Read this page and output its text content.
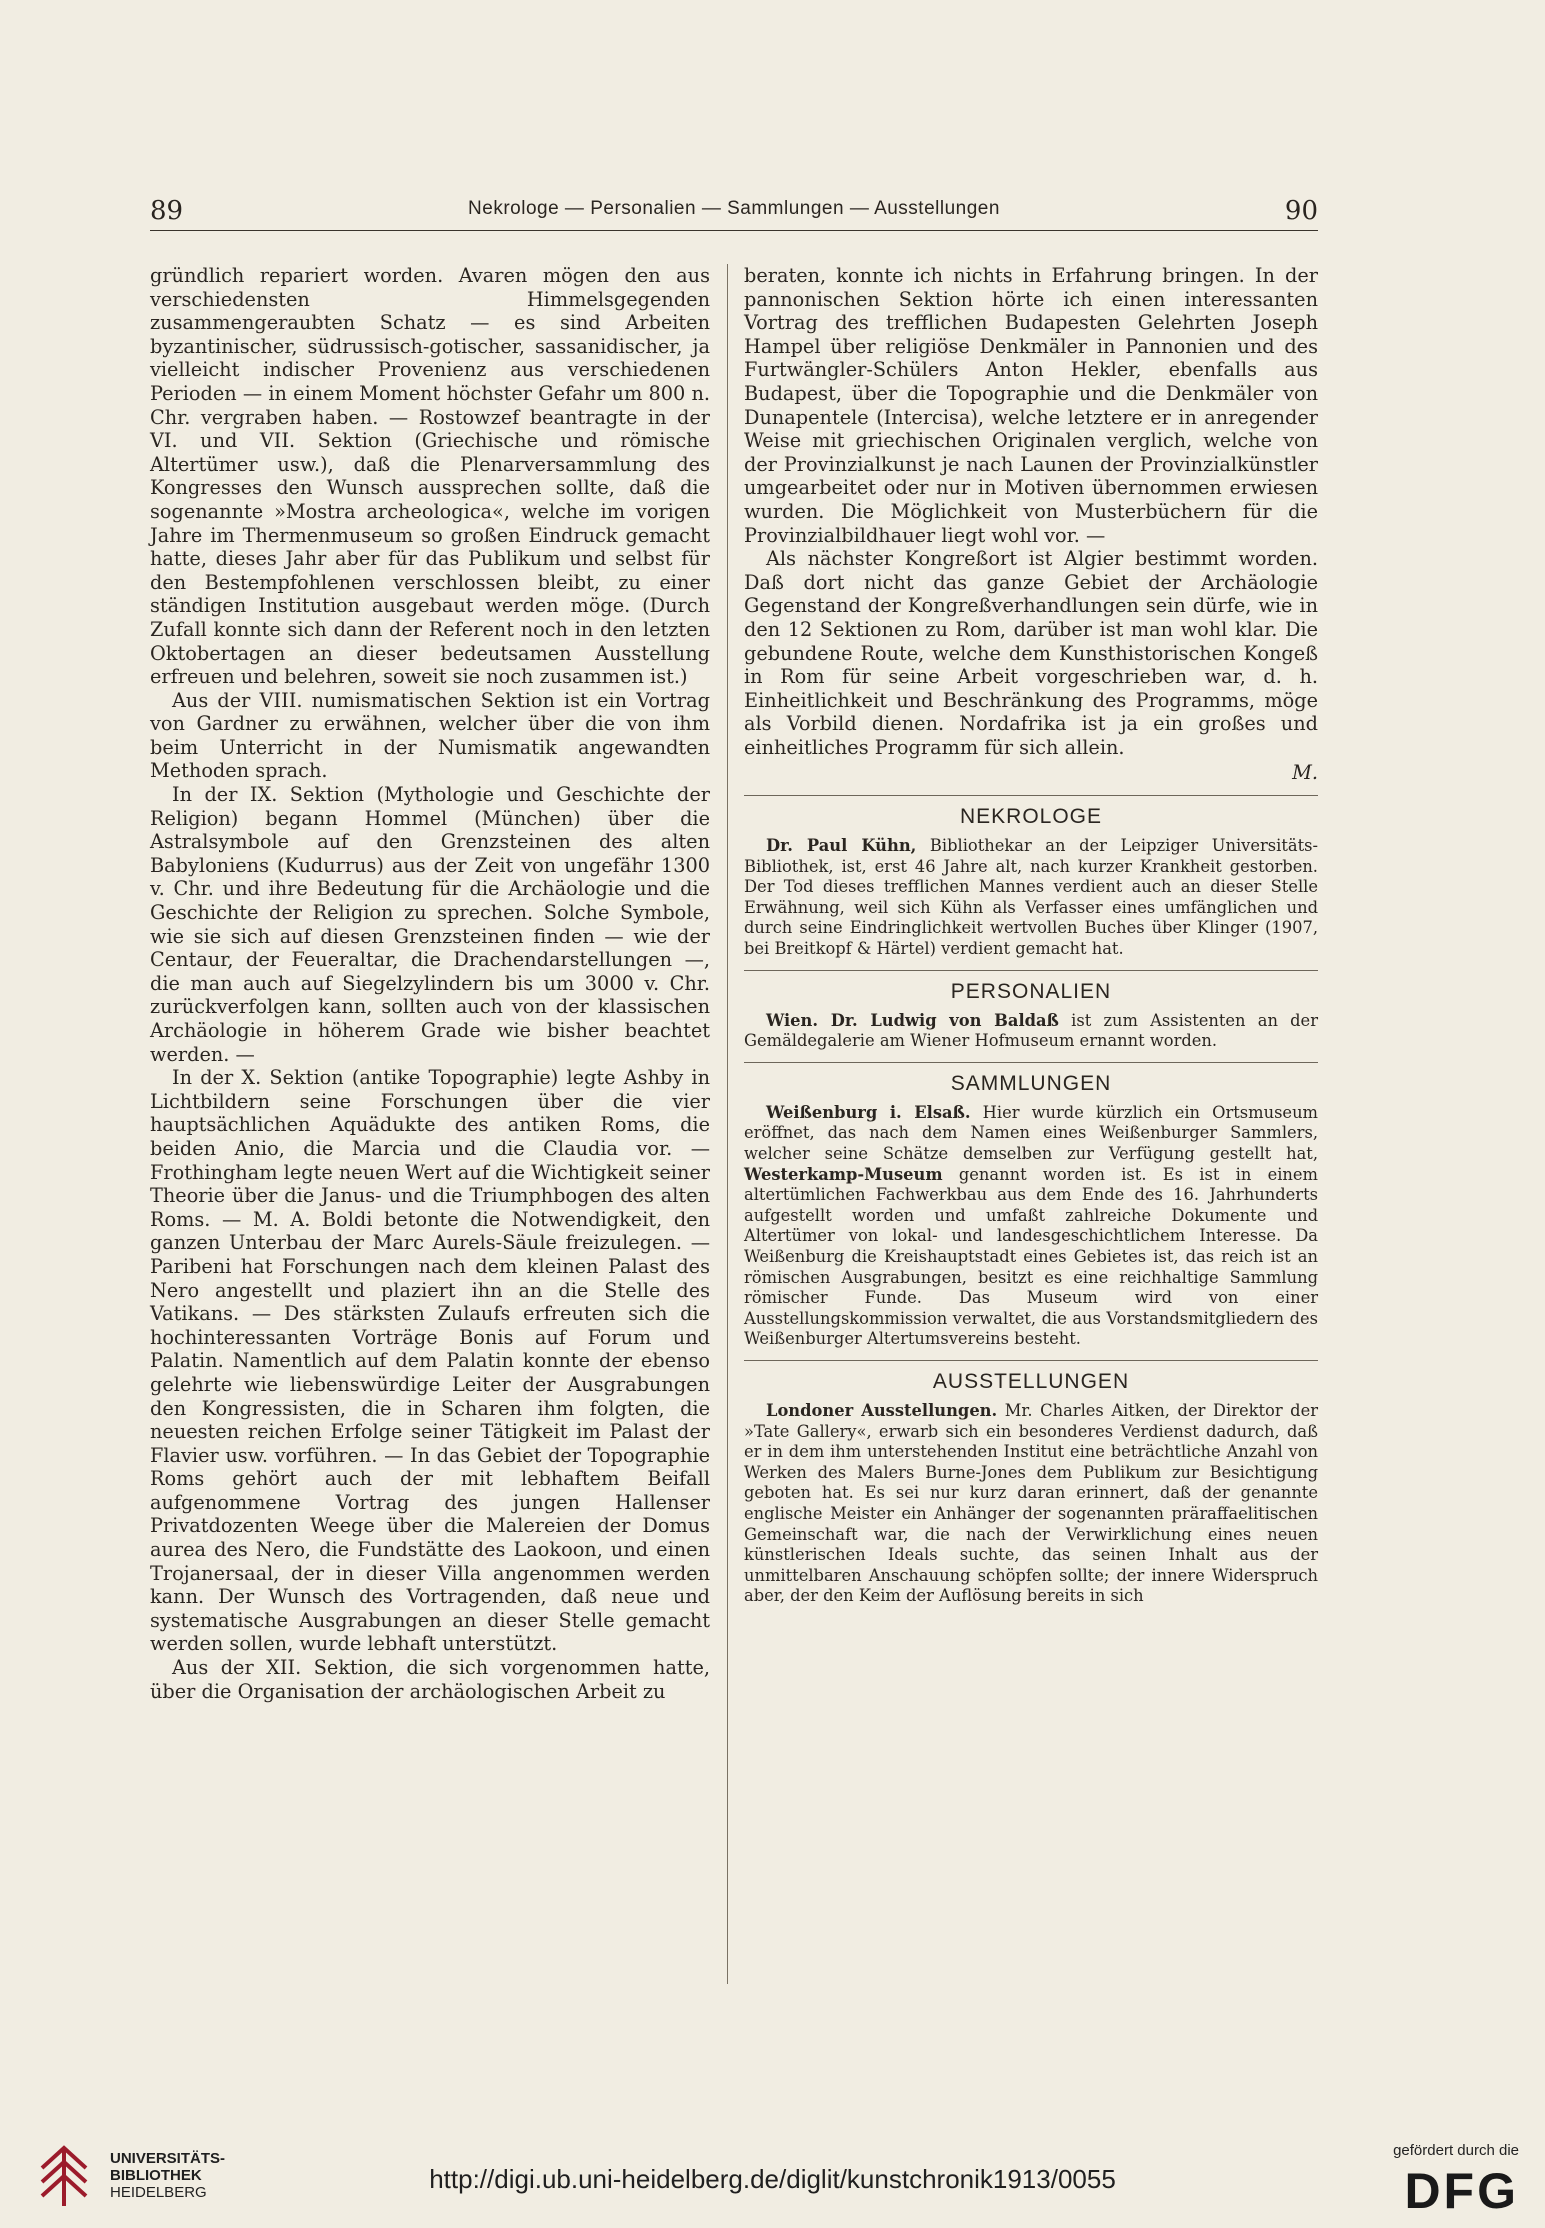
89	Nekrologe — Personalien — Sammlungen — Ausstellungen	90

gründlich repariert worden. Avaren mögen den aus verschiedensten Himmelsgegenden zusammengeraubten Schatz — es sind Arbeiten byzantinischer, südrussisch-gotischer, sassanidischer, ja vielleicht indischer Provenienz aus verschiedenen Perioden — in einem Moment höchster Gefahr um 800 n. Chr. vergraben haben. — Rostowzef beantragte in der VI. und VII. Sektion (Griechische und römische Altertümer usw.), daß die Plenarversammlung des Kongresses den Wunsch aussprechen sollte, daß die sogenannte »Mostra archeologica«, welche im vorigen Jahre im Thermenmuseum so großen Eindruck gemacht hatte, dieses Jahr aber für das Publikum und selbst für den Bestempfohlenen verschlossen bleibt, zu einer ständigen Institution ausgebaut werden möge. (Durch Zufall konnte sich dann der Referent noch in den letzten Oktobertagen an dieser bedeutsamen Ausstellung erfreuen und belehren, soweit sie noch zusammen ist.)

Aus der VIII. numismatischen Sektion ist ein Vortrag von Gardner zu erwähnen, welcher über die von ihm beim Unterricht in der Numismatik angewandten Methoden sprach.

In der IX. Sektion (Mythologie und Geschichte der Religion) begann Hommel (München) über die Astralsymbole auf den Grenzsteinen des alten Babyloniens (Kudurrus) aus der Zeit von ungefähr 1300 v. Chr. und ihre Bedeutung für die Archäologie und die Geschichte der Religion zu sprechen. Solche Symbole, wie sie sich auf diesen Grenzsteinen finden — wie der Centaur, der Feueraltar, die Drachendarstellungen —, die man auch auf Siegelzylindern bis um 3000 v. Chr. zurückverfolgen kann, sollten auch von der klassischen Archäologie in höherem Grade wie bisher beachtet werden. —

In der X. Sektion (antike Topographie) legte Ashby in Lichtbildern seine Forschungen über die vier hauptsächlichen Aquädukte des antiken Roms, die beiden Anio, die Marcia und die Claudia vor. — Frothingham legte neuen Wert auf die Wichtigkeit seiner Theorie über die Janus- und die Triumphbogen des alten Roms. — M. A. Boldi betonte die Notwendigkeit, den ganzen Unterbau der Marc Aurels-Säule freizulegen. — Paribeni hat Forschungen nach dem kleinen Palast des Nero angestellt und plaziert ihn an die Stelle des Vatikans. — Des stärksten Zulaufs erfreuten sich die hochinteressanten Vorträge Bonis auf Forum und Palatin. Namentlich auf dem Palatin konnte der ebenso gelehrte wie liebenswürdige Leiter der Ausgrabungen den Kongressisten, die in Scharen ihm folgten, die neuesten reichen Erfolge seiner Tätigkeit im Palast der Flavier usw. vorführen. — In das Gebiet der Topographie Roms gehört auch der mit lebhaftem Beifall aufgenommene Vortrag des jungen Hallenser Privatdozenten Weege über die Malereien der Domus aurea des Nero, die Fundstätte des Laokoon, und einen Trojanersaal, der in dieser Villa angenommen werden kann. Der Wunsch des Vortragenden, daß neue und systematische Ausgrabungen an dieser Stelle gemacht werden sollen, wurde lebhaft unterstützt.

Aus der XII. Sektion, die sich vorgenommen hatte, über die Organisation der archäologischen Arbeit zu

beraten, konnte ich nichts in Erfahrung bringen. In der pannonischen Sektion hörte ich einen interessanten Vortrag des trefflichen Budapesten Gelehrten Joseph Hampel über religiöse Denkmäler in Pannonien und des Furtwängler-Schülers Anton Hekler, ebenfalls aus Budapest, über die Topographie und die Denkmäler von Dunapentele (Intercisa), welche letztere er in anregender Weise mit griechischen Originalen verglich, welche von der Provinzialkunst je nach Launen der Provinzialkünstler umgearbeitet oder nur in Motiven übernommen erwiesen wurden. Die Möglichkeit von Musterbüchern für die Provinzialbildhauer liegt wohl vor. —

Als nächster Kongreßort ist Algier bestimmt worden. Daß dort nicht das ganze Gebiet der Archäologie Gegenstand der Kongreßverhandlungen sein dürfe, wie in den 12 Sektionen zu Rom, darüber ist man wohl klar. Die gebundene Route, welche dem Kunsthistorischen Kongeß in Rom für seine Arbeit vorgeschrieben war, d. h. Einheitlichkeit und Beschränkung des Programms, möge als Vorbild dienen. Nordafrika ist ja ein großes und einheitliches Programm für sich allein.

M.
NEKROLOGE

Dr. Paul Kühn, Bibliothekar an der Leipziger Universitäts-Bibliothek, ist, erst 46 Jahre alt, nach kurzer Krankheit gestorben. Der Tod dieses trefflichen Mannes verdient auch an dieser Stelle Erwähnung, weil sich Kühn als Verfasser eines umfänglichen und durch seine Eindringlichkeit wertvollen Buches über Klinger (1907, bei Breitkopf & Härtel) verdient gemacht hat.

PERSONALIEN

Wien. Dr. Ludwig von Baldaß ist zum Assistenten an der Gemäldegalerie am Wiener Hofmuseum ernannt worden.

SAMMLUNGEN

Weißenburg i. Elsaß. Hier wurde kürzlich ein Ortsmuseum eröffnet, das nach dem Namen eines Weißenburger Sammlers, welcher seine Schätze demselben zur Verfügung gestellt hat, Westerkamp-Museum genannt worden ist. Es ist in einem altertümlichen Fachwerkbau aus dem Ende des 16. Jahrhunderts aufgestellt worden und umfaßt zahlreiche Dokumente und Altertümer von lokal- und landesgeschichtlichem Interesse. Da Weißenburg die Kreishauptstadt eines Gebietes ist, das reich ist an römischen Ausgrabungen, besitzt es eine reichhaltige Sammlung römischer Funde. Das Museum wird von einer Ausstellungskommission verwaltet, die aus Vorstandsmitgliedern des Weißenburger Altertumsvereins besteht.

AUSSTELLUNGEN

Londoner Ausstellungen. Mr. Charles Aitken, der Direktor der »Tate Gallery«, erwarb sich ein besonderes Verdienst dadurch, daß er in dem ihm unterstehenden Institut eine beträchtliche Anzahl von Werken des Malers Burne-Jones dem Publikum zur Besichtigung geboten hat. Es sei nur kurz daran erinnert, daß der genannte englische Meister ein Anhänger der sogenannten präraffaelitischen Gemeinschaft war, die nach der Verwirklichung eines neuen künstlerischen Ideals suchte, das seinen Inhalt aus der unmittelbaren Anschauung schöpfen sollte; der innere Widerspruch aber, der den Keim der Auflösung bereits in sich

UNIVERSITÄTS-
BIBLIOTHEK
HEIDELBERG	http://digi.ub.uni-heidelberg.de/diglit/kunstchronik1913/0055
gefördert durch die
DFG
